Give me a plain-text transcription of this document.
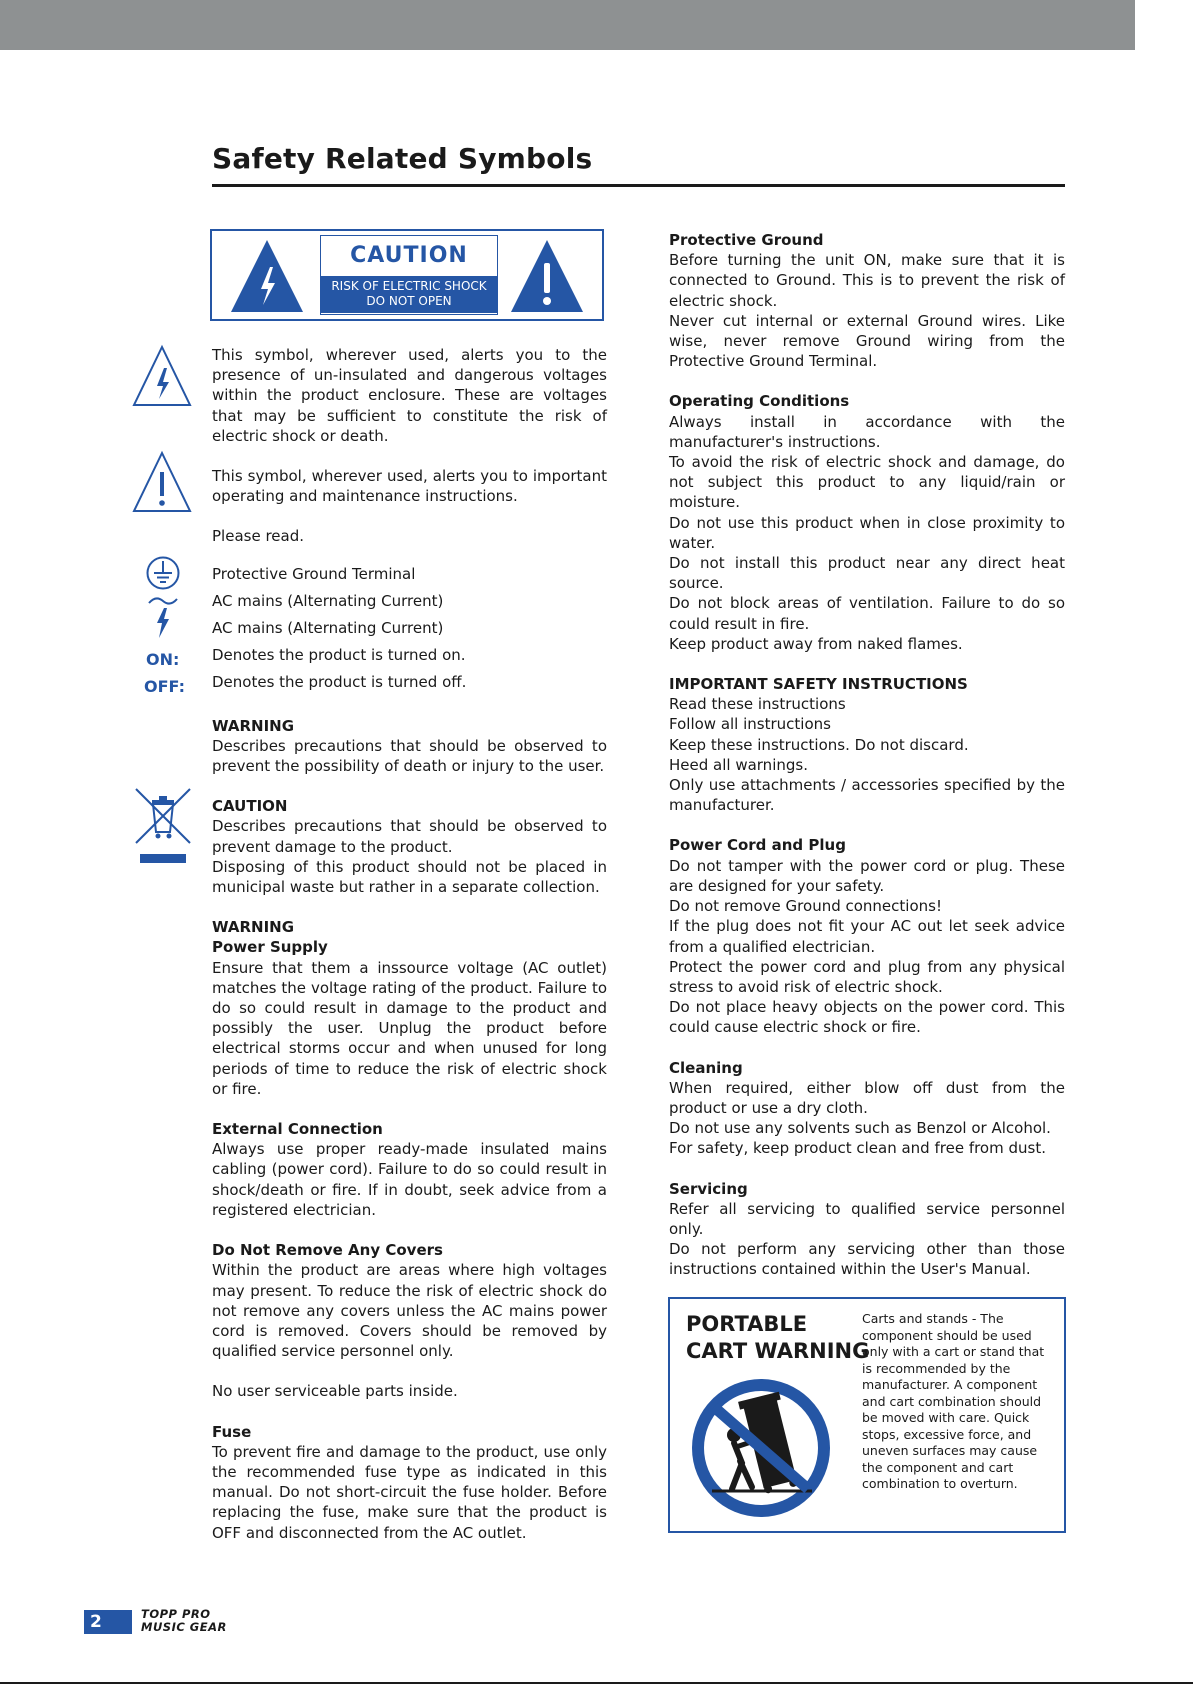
Safety Related Symbols
CAUTION
RISK OF ELECTRIC SHOCK
DO NOT OPEN
ON:
OFF:

This symbol, wherever used, alerts you to the presence of un-insulated and dangerous voltages within the product enclosure. These are voltages that may be sufficient to constitute the risk of electric shock or death.

This symbol, wherever used, alerts you to important operating and maintenance instructions.

Please read.

Protective Ground Terminal

AC mains (Alternating Current)

AC mains (Alternating Current)

Denotes the product is turned on.

Denotes the product is turned off.

WARNING

Describes precautions that should be observed to prevent the possibility of death or injury to the user.

CAUTION

Describes precautions that should be observed to prevent damage to the product.

Disposing of this product should not be placed in municipal waste but rather in a separate collection.

WARNING
Power Supply

Ensure that them a inssource voltage (AC outlet) matches the voltage rating of the product. Failure to do so could result in damage to the product and possibly the user. Unplug the product before electrical storms occur and when unused for long periods of time to reduce the risk of electric shock or fire.

External Connection

Always use proper ready-made insulated mains cabling (power cord). Failure to do so could result in shock/death or fire. If in doubt, seek advice from a registered electrician.

Do Not Remove Any Covers

Within the product are areas where high voltages may present. To reduce the risk of electric shock do not remove any covers unless the AC mains power cord is removed. Covers should be removed by qualified service personnel only.

No user serviceable parts inside.

Fuse

To prevent fire and damage to the product, use only the recommended fuse type as indicated in this manual. Do not short-circuit the fuse holder. Before replacing the fuse, make sure that the product is OFF and disconnected from the AC outlet.

Protective Ground

Before turning the unit ON, make sure that it is connected to Ground. This is to prevent the risk of electric shock.

Never cut internal or external Ground wires. Like wise, never remove Ground wiring from the Protective Ground Terminal.

Operating Conditions

Always install in accordance with the manufacturer's instructions.

To avoid the risk of electric shock and damage, do not subject this product to any liquid/rain or moisture.

Do not use this product when in close proximity to water.

Do not install this product near any direct heat source.

Do not block areas of ventilation. Failure to do so could result in fire.

Keep product away from naked flames.

IMPORTANT SAFETY INSTRUCTIONS

Read these instructions

Follow all instructions

Keep these instructions. Do not discard.

Heed all warnings.

Only use attachments / accessories specified by the manufacturer.

Power Cord and Plug

Do not tamper with the power cord or plug. These are designed for your safety.

Do not remove Ground connections!

If the plug does not fit your AC out let seek advice from a qualified electrician.

Protect the power cord and plug from any physical stress to avoid risk of electric shock.

Do not place heavy objects on the power cord. This could cause electric shock or fire.

Cleaning

When required, either blow off dust from the product or use a dry cloth.

Do not use any solvents such as Benzol or Alcohol.

For safety, keep product clean and free from dust.

Servicing

Refer all servicing to qualified service personnel only.

Do not perform any servicing other than those instructions contained within the User's Manual.

PORTABLE
CART WARNING
Carts and stands - The component should be used only with a cart or stand that is recommended by the manufacturer. A component and cart combination should be moved with care. Quick stops, excessive force, and uneven surfaces may cause the component and cart combination to overturn.
2	TOPP PRO
MUSIC GEAR
